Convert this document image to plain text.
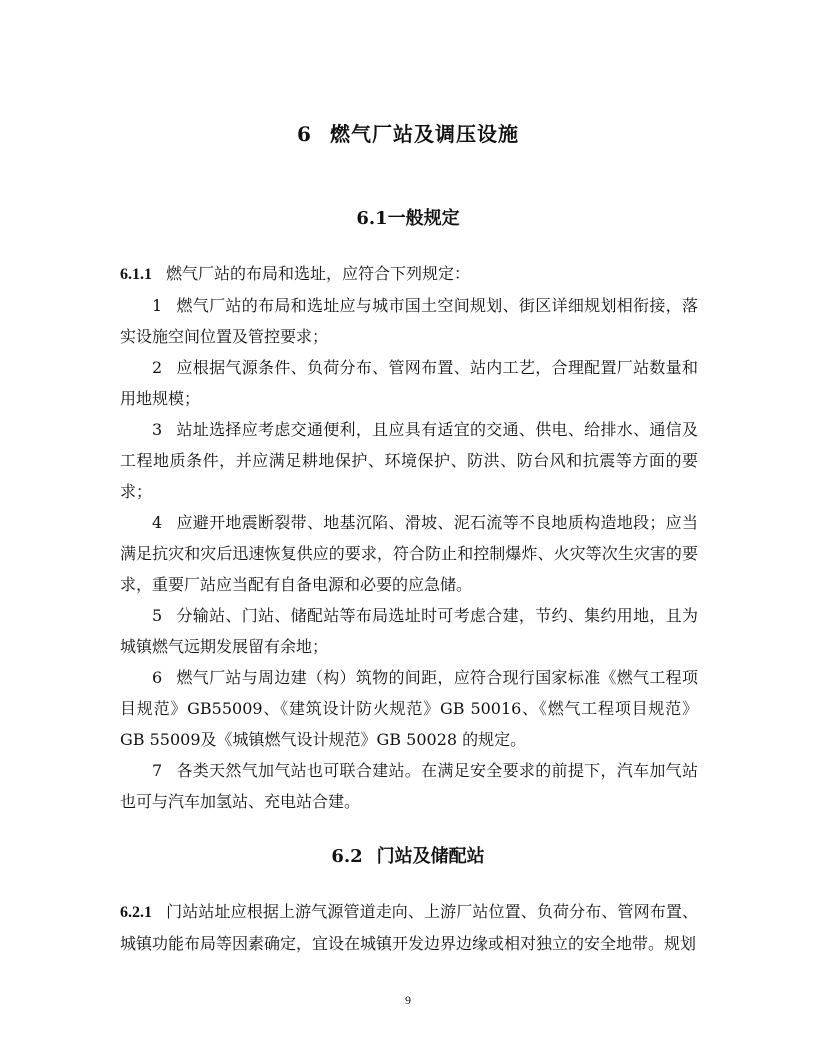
6 燃气厂站及调压设施
6.1一般规定

6.1.1 燃气厂站的布局和选址，应符合下列规定：

1 燃气厂站的布局和选址应与城市国土空间规划、街区详细规划相衔接，落实设施空间位置及管控要求；

2 应根据气源条件、负荷分布、管网布置、站内工艺，合理配置厂站数量和用地规模；

3 站址选择应考虑交通便利，且应具有适宜的交通、供电、给排水、通信及工程地质条件，并应满足耕地保护、环境保护、防洪、防台风和抗震等方面的要求；

4 应避开地震断裂带、地基沉陷、滑坡、泥石流等不良地质构造地段；应当满足抗灾和灾后迅速恢复供应的要求，符合防止和控制爆炸、火灾等次生灾害的要求，重要厂站应当配有自备电源和必要的应急储。

5 分输站、门站、储配站等布局选址时可考虑合建，节约、集约用地，且为城镇燃气远期发展留有余地；

6 燃气厂站与周边建（构）筑物的间距，应符合现行国家标准《燃气工程项目规范》GB55009、《建筑设计防火规范》GB 50016、《燃气工程项目规范》GB 55009及《城镇燃气设计规范》GB 50028 的规定。

7 各类天然气加气站也可联合建站。在满足安全要求的前提下，汽车加气站也可与汽车加氢站、充电站合建。

6.2 门站及储配站

6.2.1 门站站址应根据上游气源管道走向、上游厂站位置、负荷分布、管网布置、城镇功能布局等因素确定，宜设在城镇开发边界边缘或相对独立的安全地带。规划

9
